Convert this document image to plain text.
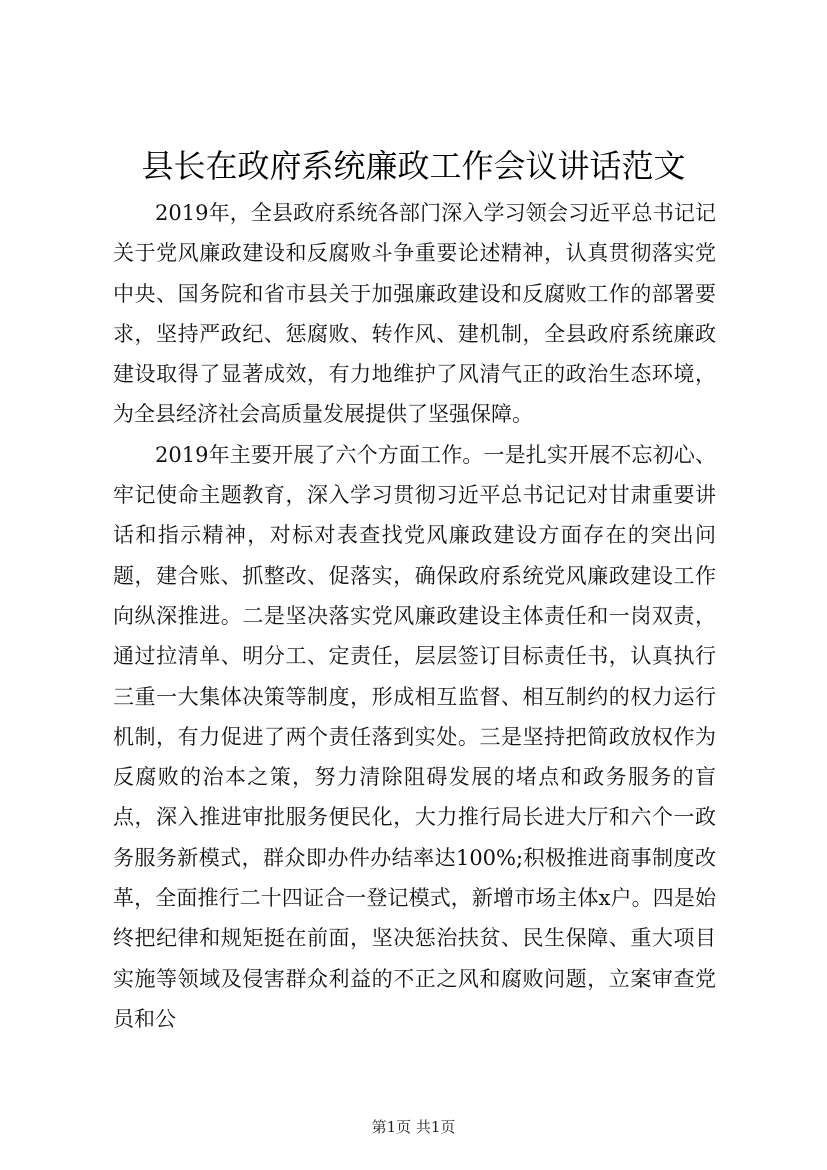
县长在政府系统廉政工作会议讲话范文

2019年，全县政府系统各部门深入学习领会习近平总书记记关于党风廉政建设和反腐败斗争重要论述精神，认真贯彻落实党中央、国务院和省市县关于加强廉政建设和反腐败工作的部署要求，坚持严政纪、惩腐败、转作风、建机制，全县政府系统廉政建设取得了显著成效，有力地维护了风清气正的政治生态环境，为全县经济社会高质量发展提供了坚强保障。

2019年主要开展了六个方面工作。一是扎实开展不忘初心、牢记使命主题教育，深入学习贯彻习近平总书记记对甘肃重要讲话和指示精神，对标对表查找党风廉政建设方面存在的突出问题，建合账、抓整改、促落实，确保政府系统党风廉政建设工作向纵深推进。二是坚决落实党风廉政建设主体责任和一岗双责，通过拉清单、明分工、定责任，层层签订目标责任书，认真执行三重一大集体决策等制度，形成相互监督、相互制约的权力运行机制，有力促进了两个责任落到实处。三是坚持把简政放权作为反腐败的治本之策，努力清除阻碍发展的堵点和政务服务的盲点，深入推进审批服务便民化，大力推行局长进大厅和六个一政务服务新模式，群众即办件办结率达100%;积极推进商事制度改革，全面推行二十四证合一登记模式，新增市场主体x户。四是始终把纪律和规矩挺在前面，坚决惩治扶贫、民生保障、重大项目实施等领域及侵害群众利益的不正之风和腐败问题，立案审查党员和公

第1页 共1页
